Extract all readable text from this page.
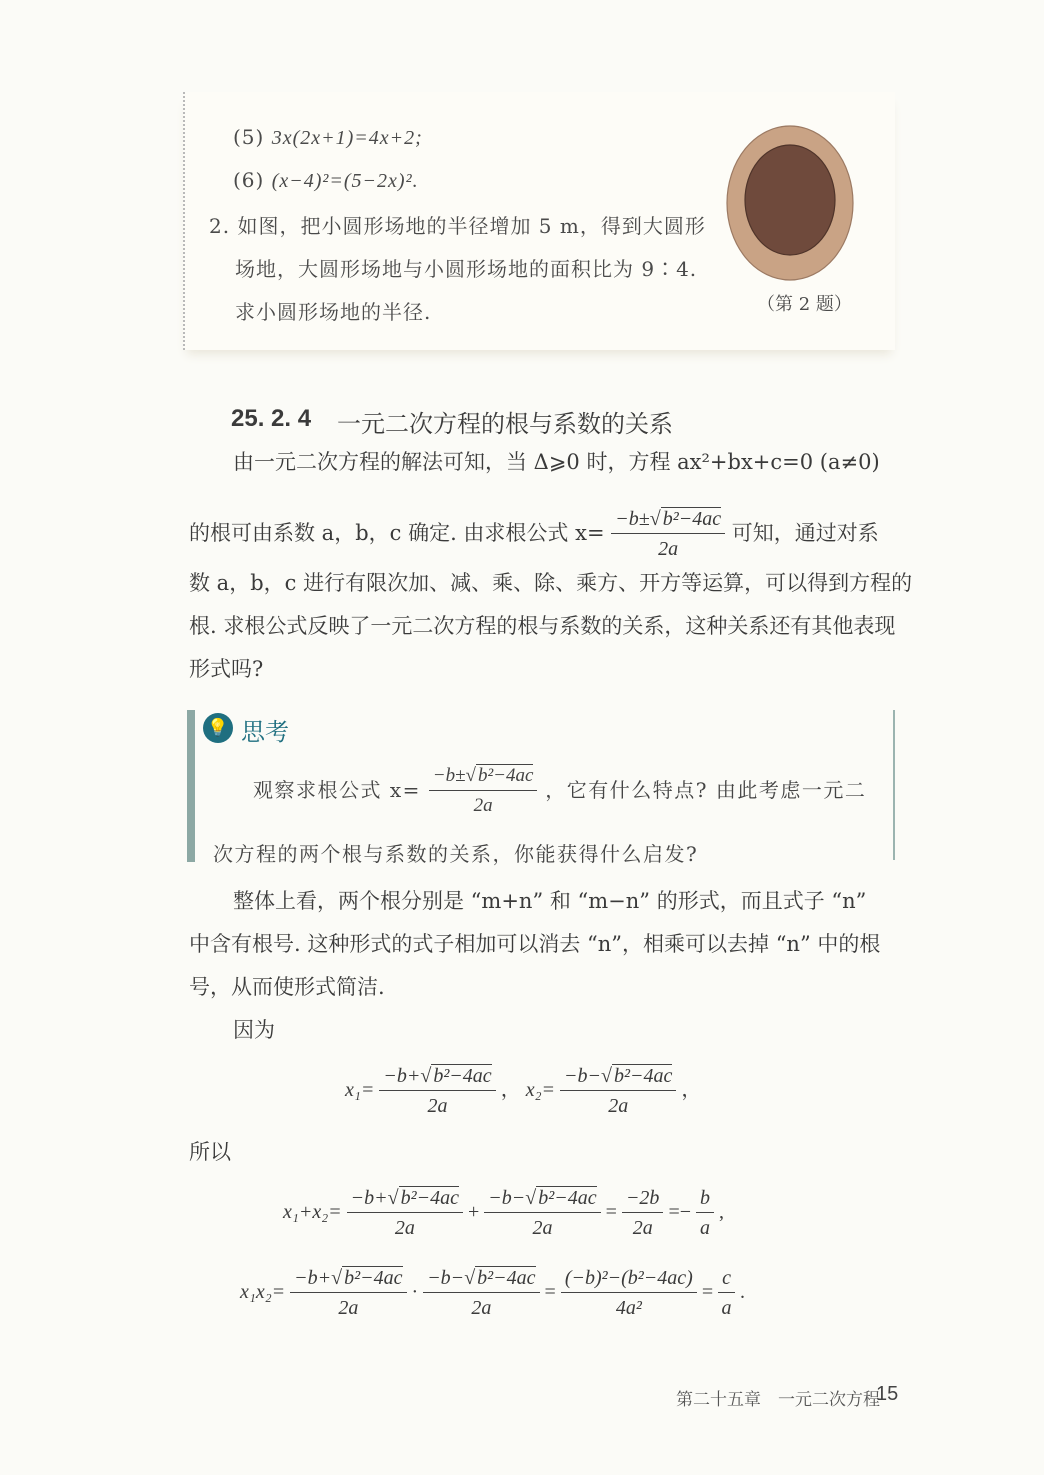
(5) 3x(2x+1)=4x+2;
(6) (x−4)²=(5−2x)².
2. 如图，把小圆形场地的半径增加 5 m，得到大圆形
场地，大圆形场地与小圆形场地的面积比为 9∶4.
求小圆形场地的半径.	（第 2 题）
25. 2. 4 一元二次方程的根与系数的关系
由一元二次方程的解法可知，当 Δ⩾0 时，方程 ax²+bx+c=0 (a≠0)
的根可由系数 a，b，c 确定. 由求根公式 $x= \frac{\text{−b±√ b²−4ac}}{2a}$ 可知，通过对系
数 a，b，c 进行有限次加、减、乘、除、乘方、开方等运算，可以得到方程的
根. 求根公式反映了一元二次方程的根与系数的关系，这种关系还有其他表现
形式吗?
💡 思考
观察求根公式 $x= \frac{\text{−b±√ b²−4ac}}{2a}$ ，它有什么特点? 由此考虑一元二
次方程的两个根与系数的关系，你能获得什么启发?
整体上看，两个根分别是 “m+n” 和 “m−n” 的形式，而且式子 “n”
中含有根号. 这种形式的式子相加可以消去 “n”，相乘可以去掉 “n” 中的根
号，从而使形式简洁.
因为
$x_1= \frac{\text{−b+√ b²−4ac}}{2a}$ ， $x_2= \frac{\text{−b−√ b²−4ac}}{2a}$ ，
所以
$x_1+x_2= \frac{\text{−b+√ b²−4ac}}{2a} + \frac{\text{−b−√ b²−4ac}}{2a} = \frac{-2b}{2a} =- \frac{b}{a}$ ,
$x_1x_2= \frac{\text{−b+√ b²−4ac}}{2a} \cdot \frac{\text{−b−√ b²−4ac}}{2a} = \frac{\text{(−b)²−(b²−4ac)}}{\text{4a²}} = \frac{c}{a}$ .
第二十五章　一元二次方程
15
